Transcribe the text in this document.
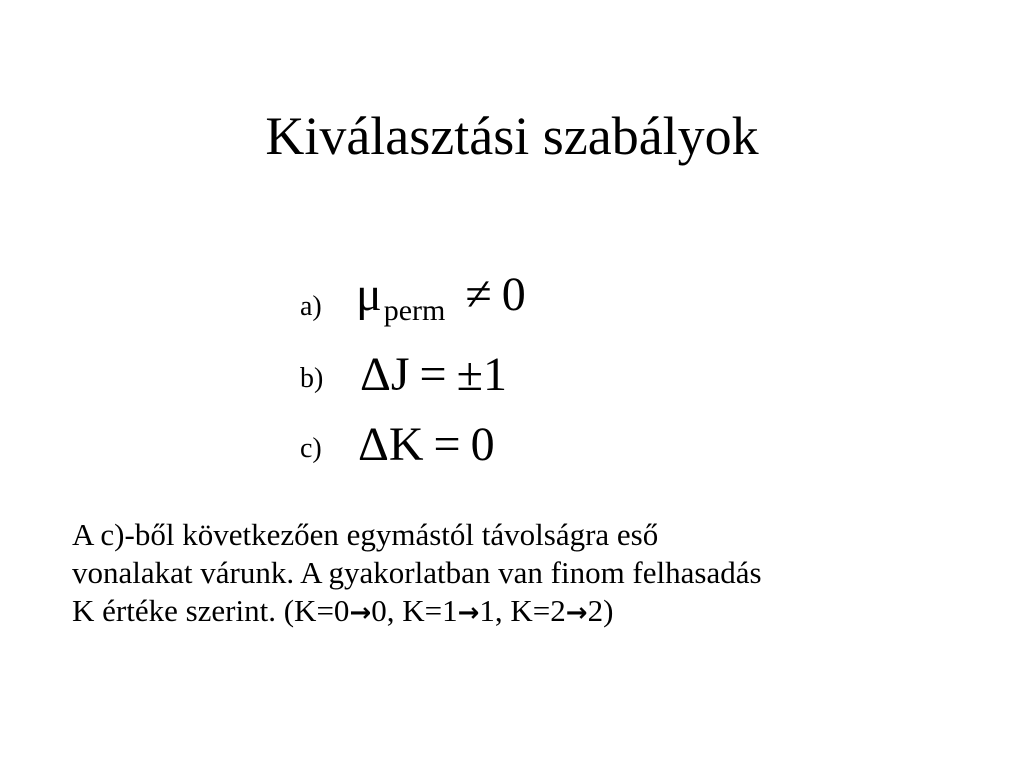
Kiválasztási szabályok
a) $\mu_{perm} \ne 0$
b) ΔJ = ±1
c) ΔK = 0

A c)-ből következően egymástól távolságra eső
vonalakat várunk. A gyakorlatban van finom felhasadás
K értéke szerint. (K=0→0, K=1→1, K=2→2)
